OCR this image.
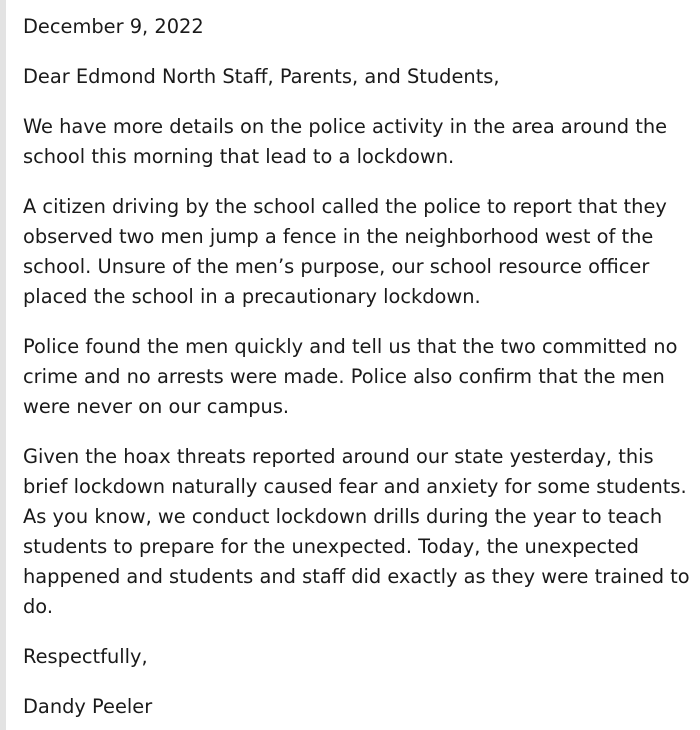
December 9, 2022

Dear Edmond North Staff, Parents, and Students,

We have more details on the police activity in the area around the school this morning that lead to a lockdown.

A citizen driving by the school called the police to report that they observed two men jump a fence in the neighborhood west of the school. Unsure of the men’s purpose, our school resource officer placed the school in a precautionary lockdown.

Police found the men quickly and tell us that the two committed no crime and no arrests were made. Police also confirm that the men were never on our campus.

Given the hoax threats reported around our state yesterday, this brief lockdown naturally caused fear and anxiety for some students. As you know, we conduct lockdown drills during the year to teach students to prepare for the unexpected. Today, the unexpected happened and students and staff did exactly as they were trained to do.

Respectfully,

Dandy Peeler
